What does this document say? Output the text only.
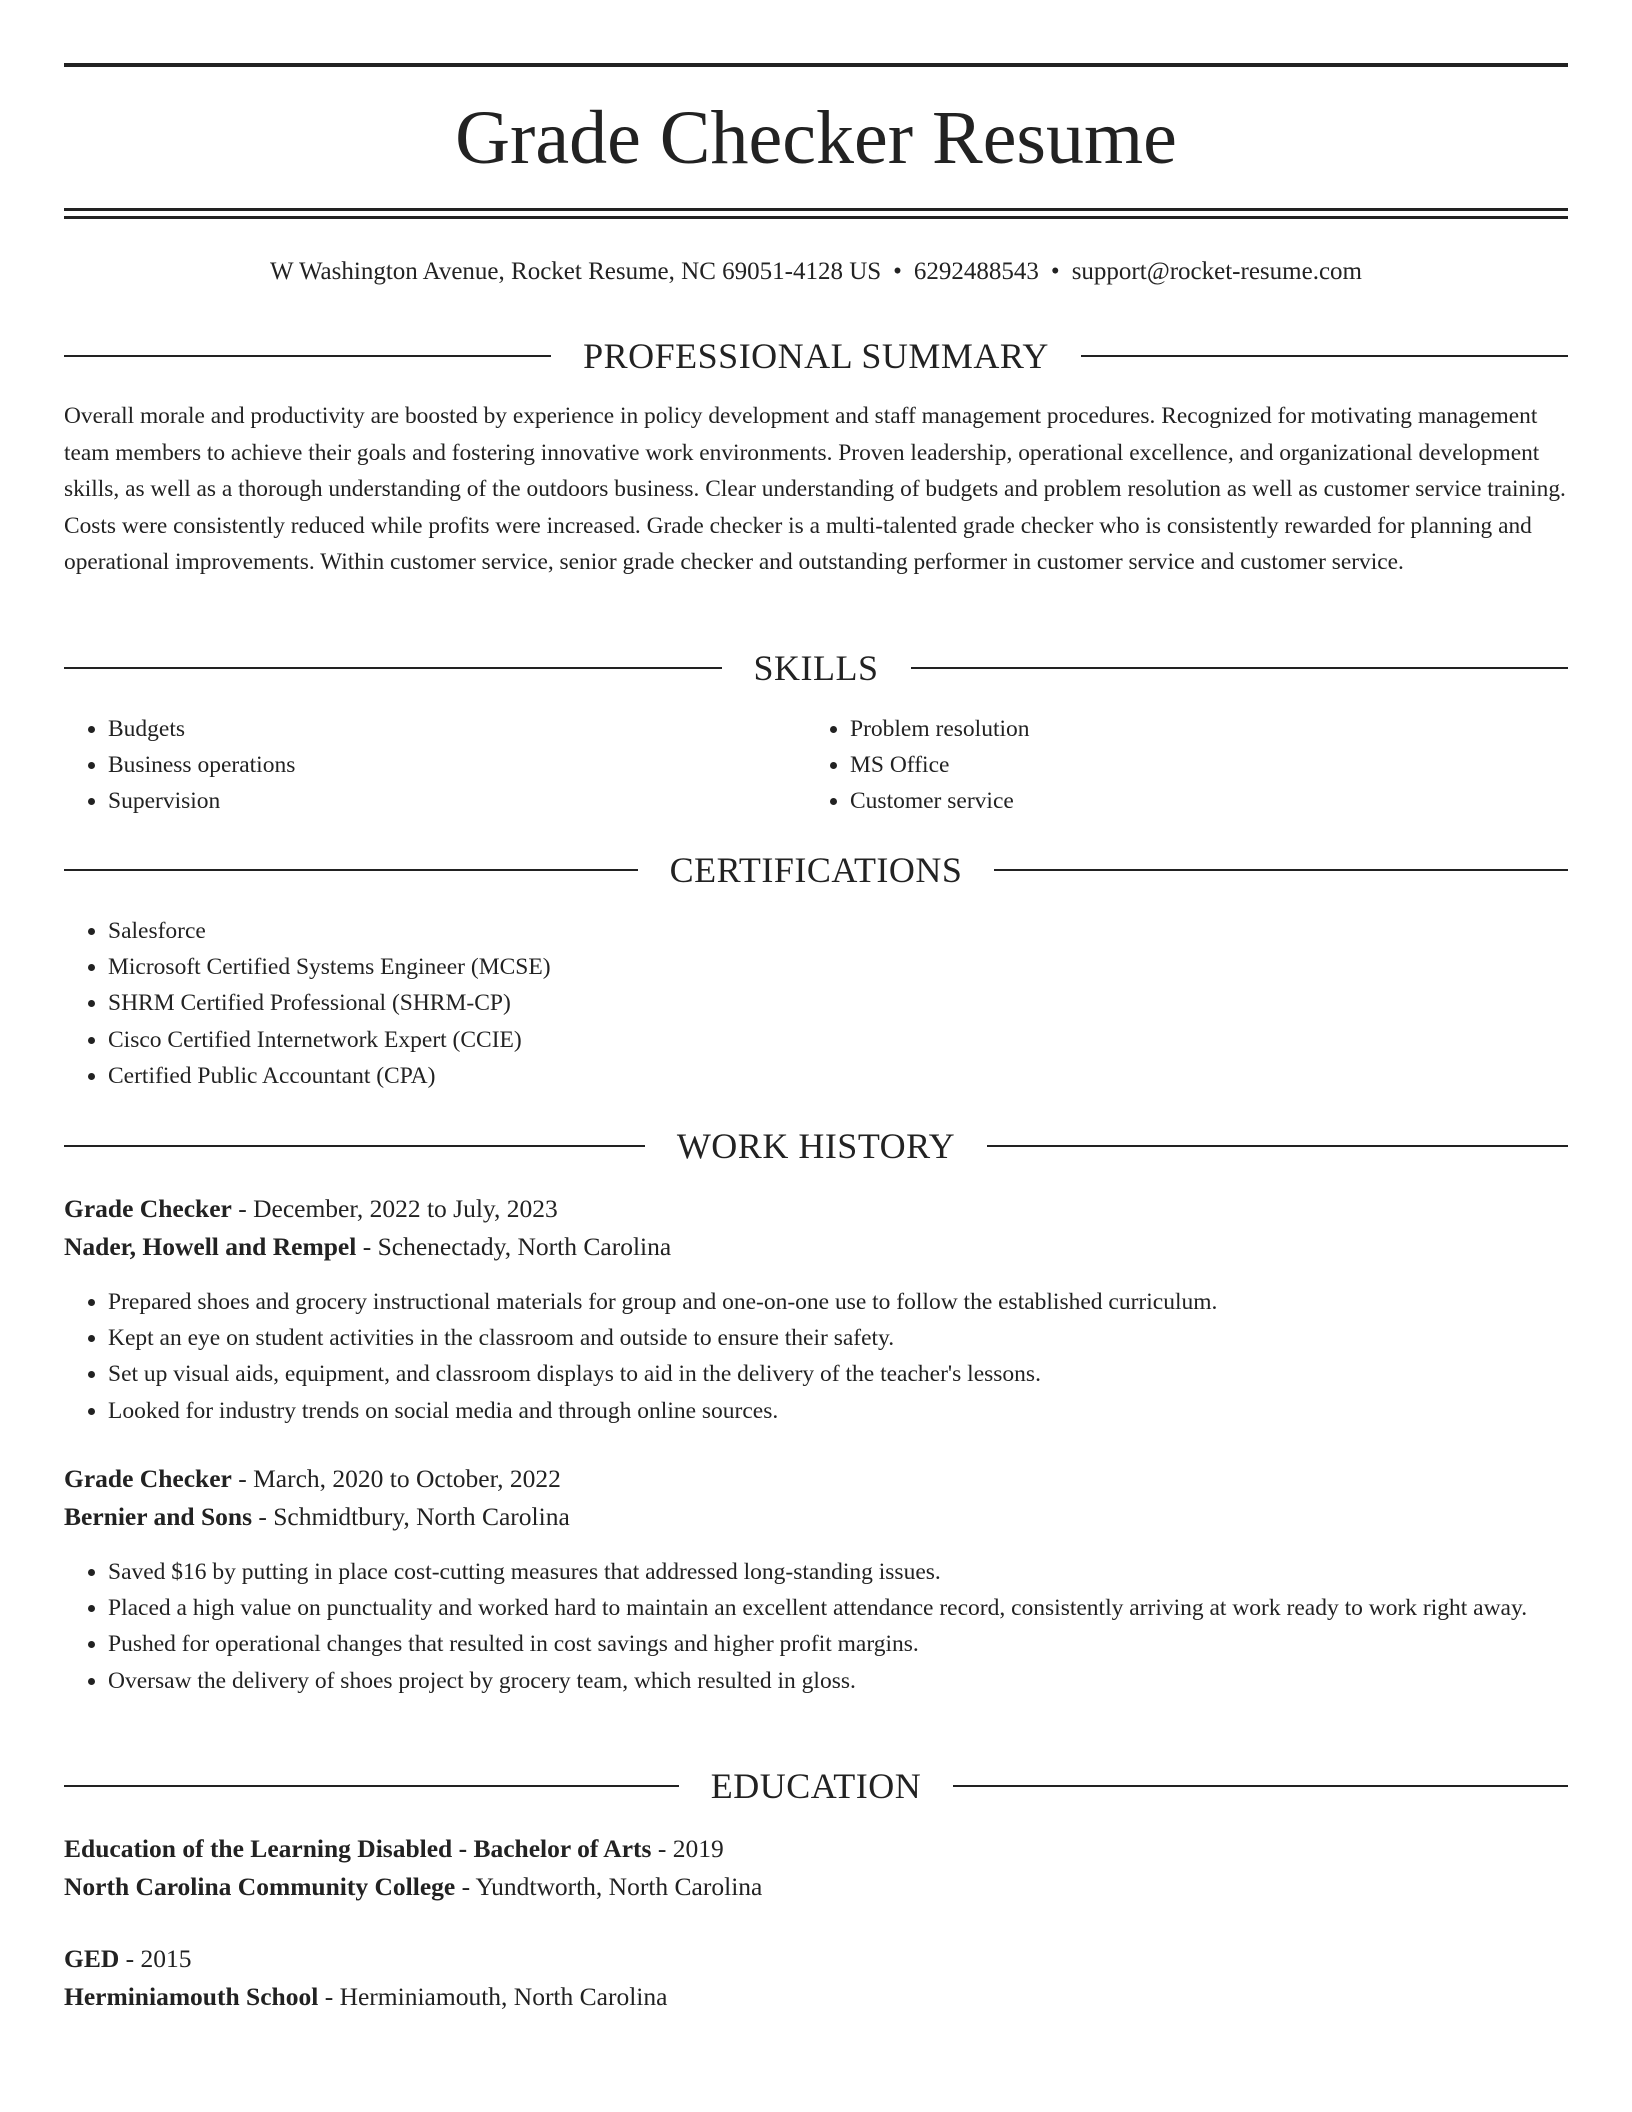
Grade Checker Resume
W Washington Avenue, Rocket Resume, NC 69051-4128 US • 6292488543 • support@rocket-resume.com
PROFESSIONAL SUMMARY

Overall morale and productivity are boosted by experience in policy development and staff management procedures. Recognized for motivating management team members to achieve their goals and fostering innovative work environments. Proven leadership, operational excellence, and organizational development skills, as well as a thorough understanding of the outdoors business. Clear understanding of budgets and problem resolution as well as customer service training. Costs were consistently reduced while profits were increased. Grade checker is a multi-talented grade checker who is consistently rewarded for planning and operational improvements. Within customer service, senior grade checker and outstanding performer in customer service and customer service.

SKILLS
• Budgets
• Business operations
• Supervision
• Problem resolution
• MS Office
• Customer service
CERTIFICATIONS
• Salesforce
• Microsoft Certified Systems Engineer (MCSE)
• SHRM Certified Professional (SHRM-CP)
• Cisco Certified Internetwork Expert (CCIE)
• Certified Public Accountant (CPA)
WORK HISTORY
Grade Checker - December, 2022 to July, 2023
Nader, Howell and Rempel - Schenectady, North Carolina
• Prepared shoes and grocery instructional materials for group and one-on-one use to follow the established curriculum.
• Kept an eye on student activities in the classroom and outside to ensure their safety.
• Set up visual aids, equipment, and classroom displays to aid in the delivery of the teacher's lessons.
• Looked for industry trends on social media and through online sources.
Grade Checker - March, 2020 to October, 2022
Bernier and Sons - Schmidtbury, North Carolina
• Saved $16 by putting in place cost-cutting measures that addressed long-standing issues.
• Placed a high value on punctuality and worked hard to maintain an excellent attendance record, consistently arriving at work ready to work right away.
• Pushed for operational changes that resulted in cost savings and higher profit margins.
• Oversaw the delivery of shoes project by grocery team, which resulted in gloss.
EDUCATION
Education of the Learning Disabled - Bachelor of Arts - 2019
North Carolina Community College - Yundtworth, North Carolina
GED - 2015
Herminiamouth School - Herminiamouth, North Carolina
